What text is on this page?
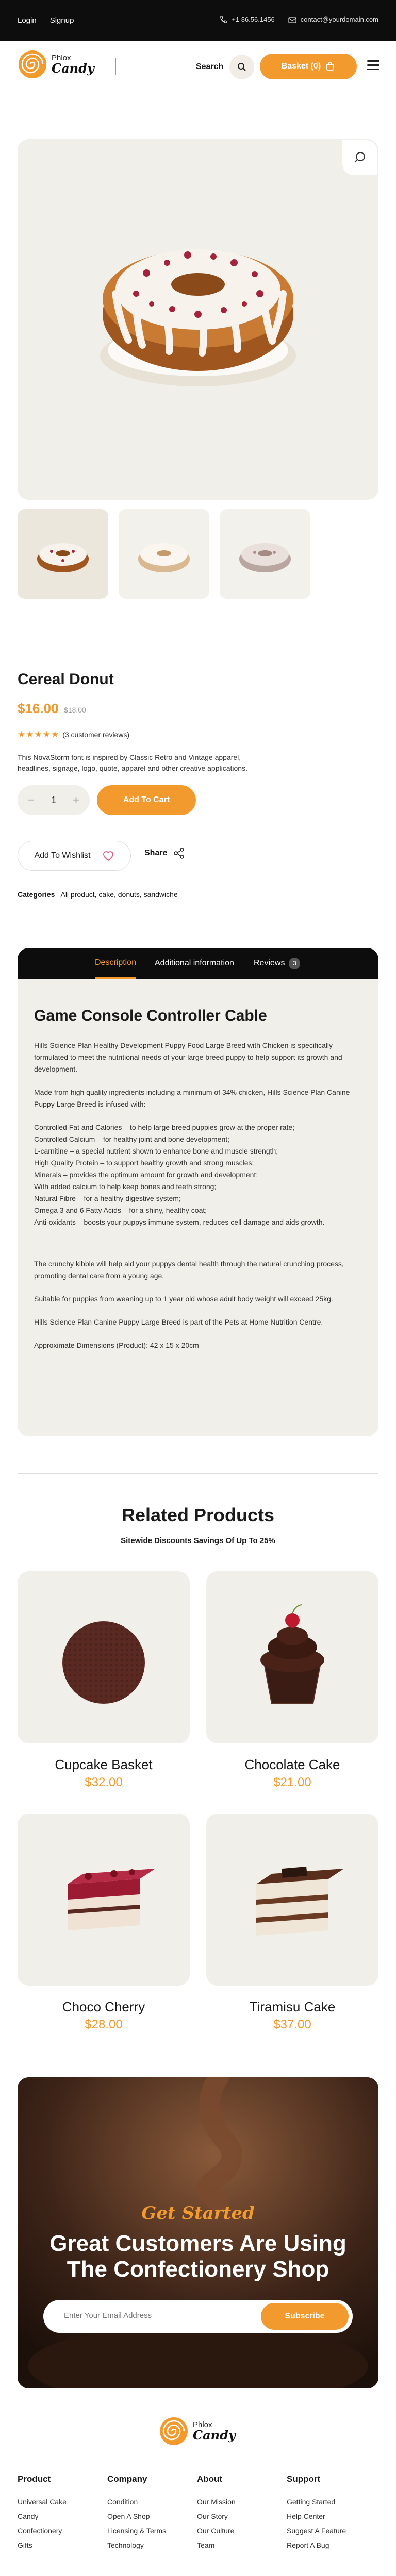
Login Signup	+1 86.56.1456	contact@yourdomain.com
Phlox
Candy	Search	Basket (0)
Cereal Donut
$16.00 $18.00
★★★★★ (3 customer reviews)
This NovaStorm font is inspired by Classic Retro and Vintage apparel, headlines, signage, logo, quote, apparel and other creative applications.
− 1 +	Add To Cart
Add To Wishlist	Share
Categories All product, cake, donuts, sandwiche
Description Additional information Reviews	3
Game Console Controller Cable

Hills Science Plan Healthy Development Puppy Food Large Breed with Chicken is specifically formulated to meet the nutritional needs of your large breed puppy to help support its growth and development.

Made from high quality ingredients including a minimum of 34% chicken, Hills Science Plan Canine Puppy Large Breed is infused with:

Controlled Fat and Calories – to help large breed puppies grow at the proper rate;
Controlled Calcium – for healthy joint and bone development;
L-carnitine – a special nutrient shown to enhance bone and muscle strength;
High Quality Protein – to support healthy growth and strong muscles;
Minerals – provides the optimum amount for growth and development;
With added calcium to help keep bones and teeth strong;
Natural Fibre – for a healthy digestive system;
Omega 3 and 6 Fatty Acids – for a shiny, healthy coat;
Anti-oxidants – boosts your puppys immune system, reduces cell damage and aids growth.

The crunchy kibble will help aid your puppys dental health through the natural crunching process, promoting dental care from a young age.

Suitable for puppies from weaning up to 1 year old whose adult body weight will exceed 25kg.

Hills Science Plan Canine Puppy Large Breed is part of the Pets at Home Nutrition Centre.

Approximate Dimensions (Product): 42 x 15 x 20cm

Related Products
Sitewide Discounts Savings Of Up To 25%
Cupcake Basket
$32.00
Chocolate Cake
$21.00
Choco Cherry
$28.00
Tiramisu Cake
$37.00
Get Started
Great Customers Are Using The Confectionery Shop
Enter Your Email Address
Subscribe
Phlox
Candy
Product
Universal Cake
Candy
Confectionery
Gifts
Company
Condition
Open A Shop
Licensing & Terms
Technology
About
Our Mission
Our Story
Our Culture
Team
Support
Getting Started
Help Center
Suggest A Feature
Report A Bug
